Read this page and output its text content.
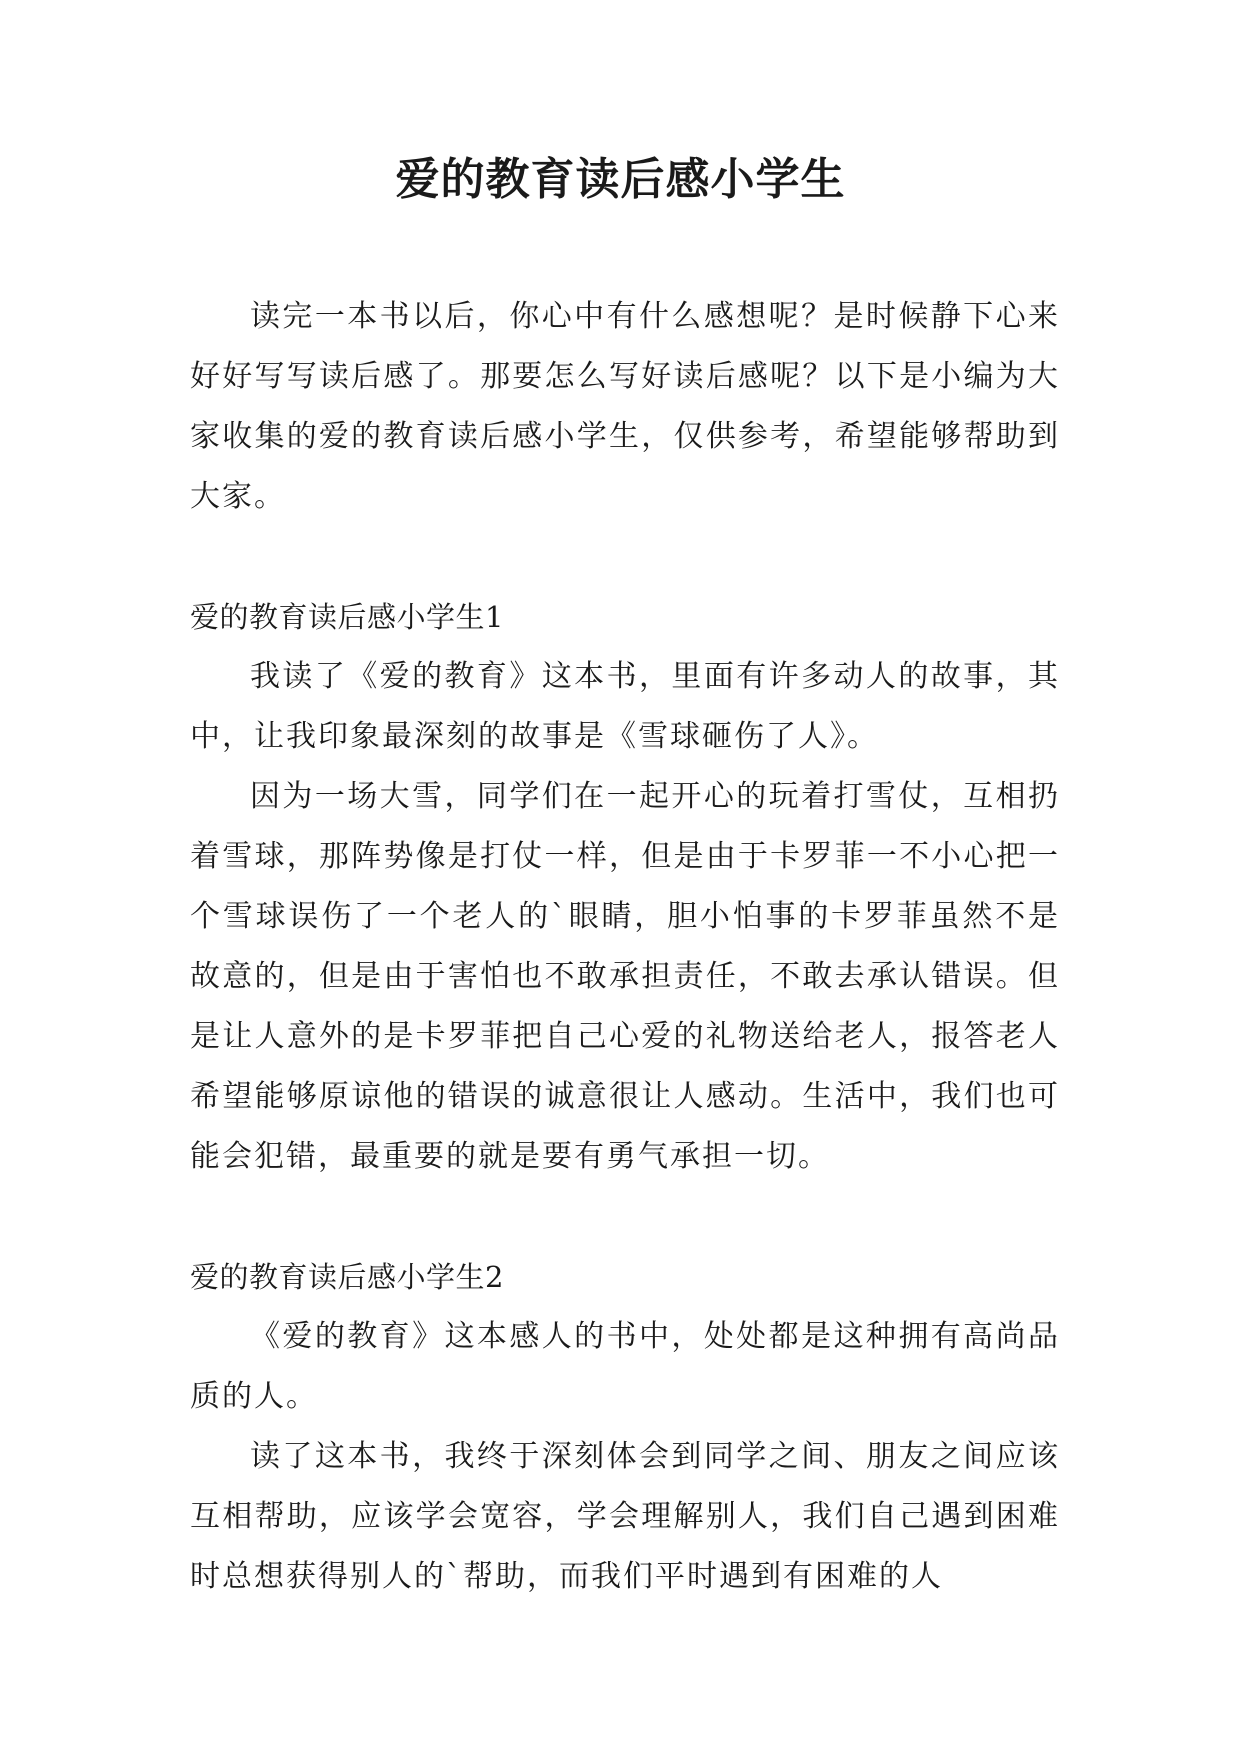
爱的教育读后感小学生

读完一本书以后，你心中有什么感想呢？是时候静下心来好好写写读后感了。那要怎么写好读后感呢？以下是小编为大家收集的爱的教育读后感小学生，仅供参考，希望能够帮助到大家。

爱的教育读后感小学生1

我读了《爱的教育》这本书，里面有许多动人的故事，其中，让我印象最深刻的故事是《雪球砸伤了人》。

因为一场大雪，同学们在一起开心的玩着打雪仗，互相扔着雪球，那阵势像是打仗一样，但是由于卡罗菲一不小心把一个雪球误伤了一个老人的`眼睛，胆小怕事的卡罗菲虽然不是故意的，但是由于害怕也不敢承担责任，不敢去承认错误。但是让人意外的是卡罗菲把自己心爱的礼物送给老人，报答老人希望能够原谅他的错误的诚意很让人感动。生活中，我们也可能会犯错，最重要的就是要有勇气承担一切。

爱的教育读后感小学生2

《爱的教育》这本感人的书中，处处都是这种拥有高尚品质的人。

读了这本书，我终于深刻体会到同学之间、朋友之间应该互相帮助，应该学会宽容，学会理解别人，我们自己遇到困难时总想获得别人的`帮助，而我们平时遇到有困难的人
